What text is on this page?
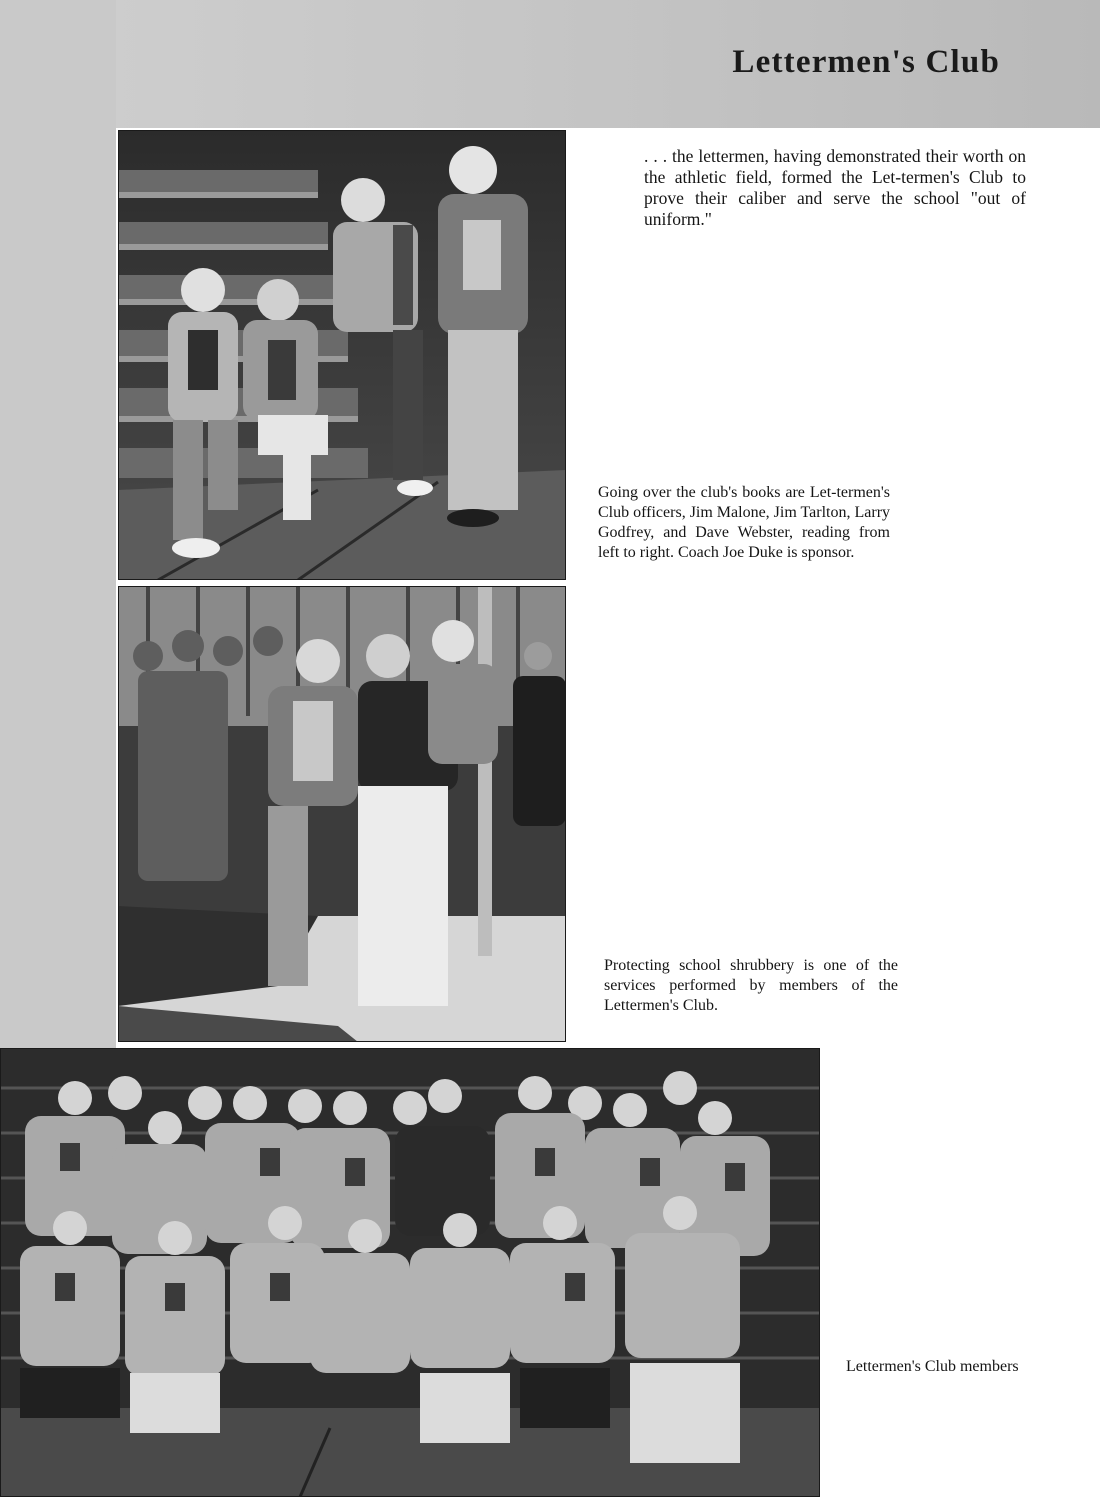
Lettermen's Club
. . . the lettermen, having demonstrated their worth on the athletic field, formed the Let-termen's Club to prove their caliber and serve the school "out of uniform."
Going over the club's books are Let-termen's Club officers, Jim Malone, Jim Tarlton, Larry Godfrey, and Dave Webster, reading from left to right. Coach Joe Duke is sponsor.
Protecting school shrubbery is one of the services performed by members of the Lettermen's Club.
Lettermen's Club members
